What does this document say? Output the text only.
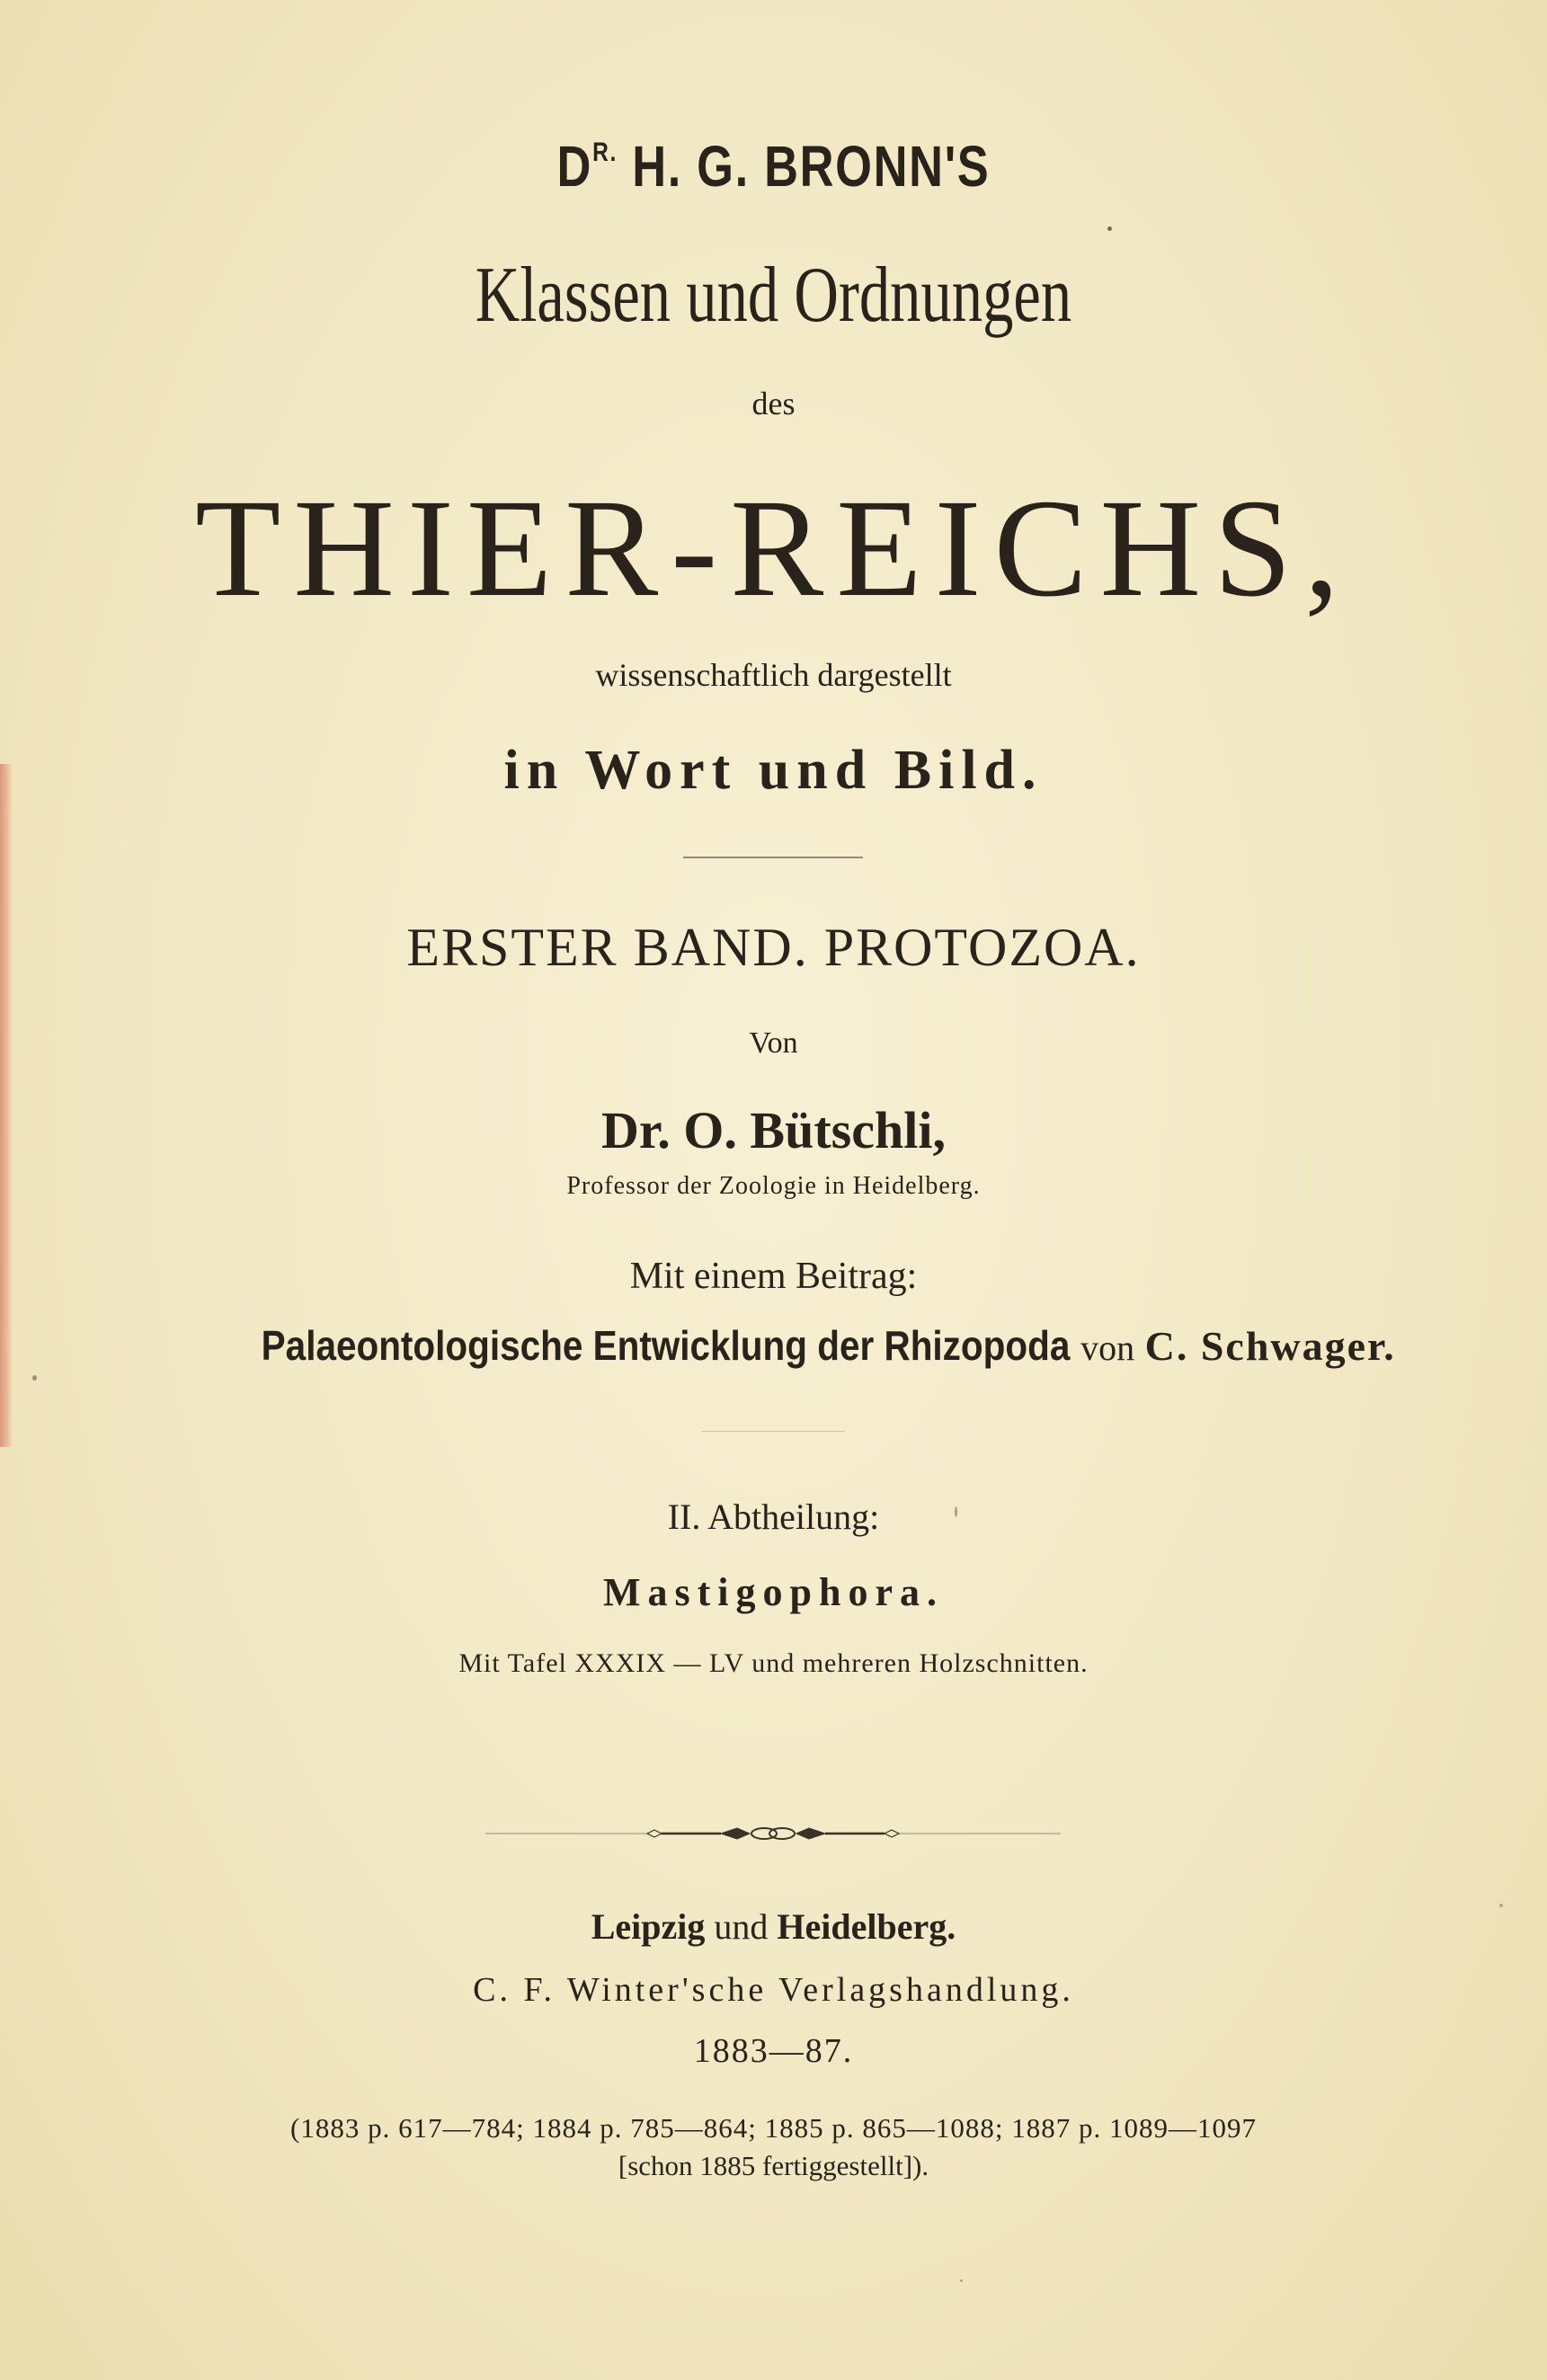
$D^{R.}$ H. G. BRONN'S

Klassen und Ordnungen

des

THIER-REICHS,

wissenschaftlich dargestellt

in Wort und Bild.

ERSTER BAND. PROTOZOA.

Von

Dr. O. Bütschli,

Professor der Zoologie in Heidelberg.

Mit einem Beitrag:

Palaeontologische Entwicklung der Rhizopoda von C. Schwager.

II. Abtheilung:

Mastigophora.

Mit Tafel XXXIX — LV und mehreren Holzschnitten.

Leipzig und Heidelberg.

C. F. Winter'sche Verlagshandlung.

1883—87.

(1883 p. 617—784; 1884 p. 785—864; 1885 p. 865—1088; 1887 p. 1089—1097

[schon 1885 fertiggestellt]).
